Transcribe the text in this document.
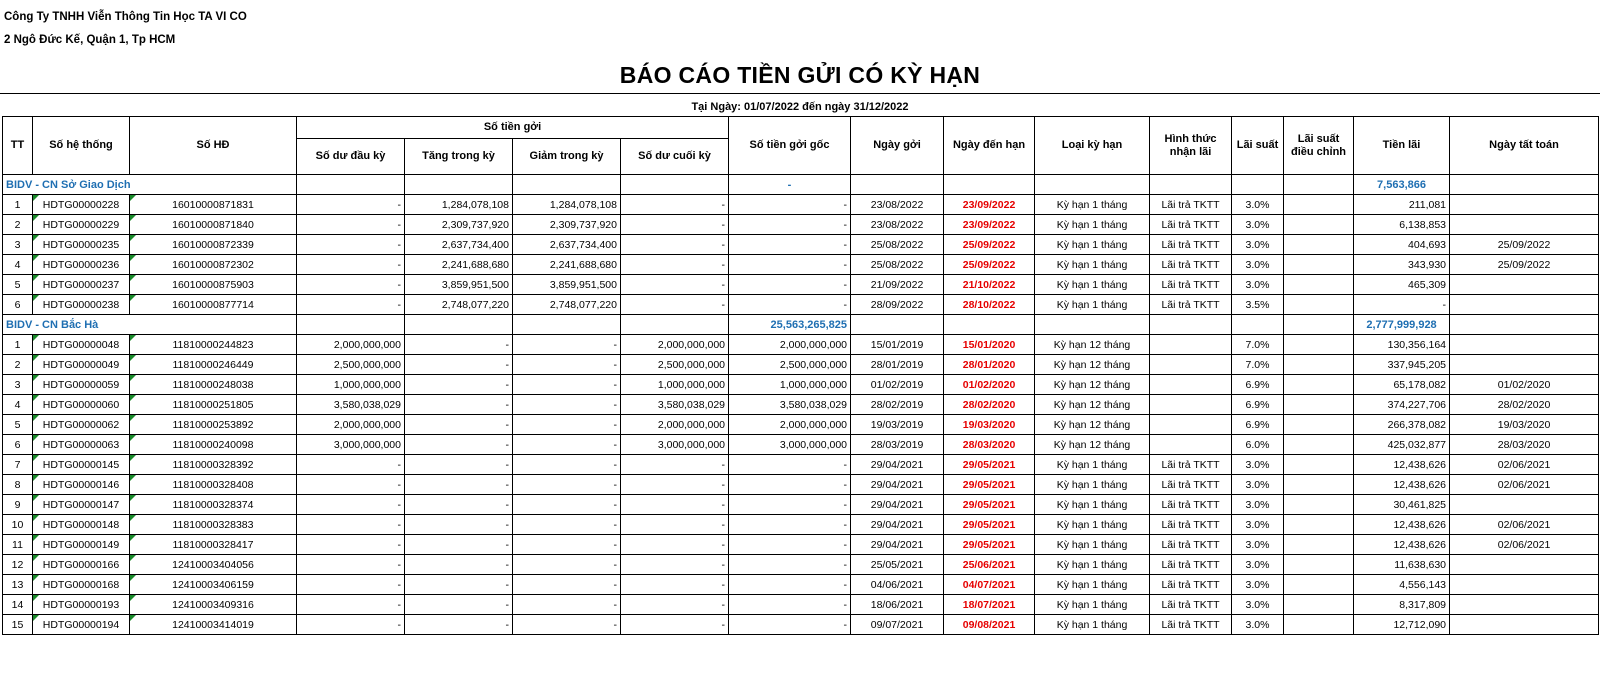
Công Ty TNHH Viễn Thông Tin Học TA VI CO
2 Ngô Đức Kế, Quận 1, Tp HCM
BÁO CÁO TIỀN GỬI CÓ KỲ HẠN
Tại Ngày: 01/07/2022 đến ngày 31/12/2022
TT	Số hệ thống	Số HĐ	Số tiền gởi				Số tiền gởi gốc	Ngày gởi	Ngày đến hạn	Loại kỳ hạn	Hình thức nhận lãi	Lãi suất	Lãi suất điều chỉnh	Tiền lãi	Ngày tất toán
			Số dư đầu kỳ	Tăng trong kỳ	Giảm trong kỳ	Số dư cuối kỳ									
BIDV - CN Sở Giao Dịch							-							7,563,866	
1	HDTG00000228	16010000871831	-	1,284,078,108	1,284,078,108	-	-	23/08/2022	23/09/2022	Kỳ hạn 1 tháng	Lãi trả TKTT	3.0%		211,081	
2	HDTG00000229	16010000871840	-	2,309,737,920	2,309,737,920	-	-	23/08/2022	23/09/2022	Kỳ hạn 1 tháng	Lãi trả TKTT	3.0%		6,138,853	
3	HDTG00000235	16010000872339	-	2,637,734,400	2,637,734,400	-	-	25/08/2022	25/09/2022	Kỳ hạn 1 tháng	Lãi trả TKTT	3.0%		404,693	25/09/2022
4	HDTG00000236	16010000872302	-	2,241,688,680	2,241,688,680	-	-	25/08/2022	25/09/2022	Kỳ hạn 1 tháng	Lãi trả TKTT	3.0%		343,930	25/09/2022
5	HDTG00000237	16010000875903	-	3,859,951,500	3,859,951,500	-	-	21/09/2022	21/10/2022	Kỳ hạn 1 tháng	Lãi trả TKTT	3.0%		465,309	
6	HDTG00000238	16010000877714	-	2,748,077,220	2,748,077,220	-	-	28/09/2022	28/10/2022	Kỳ hạn 1 tháng	Lãi trả TKTT	3.5%		-	
BIDV - CN Bắc Hà							25,563,265,825							2,777,999,928	
1	HDTG00000048	11810000244823	2,000,000,000	-	-	2,000,000,000	2,000,000,000	15/01/2019	15/01/2020	Kỳ hạn 12 tháng		7.0%		130,356,164	
2	HDTG00000049	11810000246449	2,500,000,000	-	-	2,500,000,000	2,500,000,000	28/01/2019	28/01/2020	Kỳ hạn 12 tháng		7.0%		337,945,205	
3	HDTG00000059	11810000248038	1,000,000,000	-	-	1,000,000,000	1,000,000,000	01/02/2019	01/02/2020	Kỳ hạn 12 tháng		6.9%		65,178,082	01/02/2020
4	HDTG00000060	11810000251805	3,580,038,029	-	-	3,580,038,029	3,580,038,029	28/02/2019	28/02/2020	Kỳ hạn 12 tháng		6.9%		374,227,706	28/02/2020
5	HDTG00000062	11810000253892	2,000,000,000	-	-	2,000,000,000	2,000,000,000	19/03/2019	19/03/2020	Kỳ hạn 12 tháng		6.9%		266,378,082	19/03/2020
6	HDTG00000063	11810000240098	3,000,000,000	-	-	3,000,000,000	3,000,000,000	28/03/2019	28/03/2020	Kỳ hạn 12 tháng		6.0%		425,032,877	28/03/2020
7	HDTG00000145	11810000328392	-	-	-	-	-	29/04/2021	29/05/2021	Kỳ hạn 1 tháng	Lãi trả TKTT	3.0%		12,438,626	02/06/2021
8	HDTG00000146	11810000328408	-	-	-	-	-	29/04/2021	29/05/2021	Kỳ hạn 1 tháng	Lãi trả TKTT	3.0%		12,438,626	02/06/2021
9	HDTG00000147	11810000328374	-	-	-	-	-	29/04/2021	29/05/2021	Kỳ hạn 1 tháng	Lãi trả TKTT	3.0%		30,461,825	
10	HDTG00000148	11810000328383	-	-	-	-	-	29/04/2021	29/05/2021	Kỳ hạn 1 tháng	Lãi trả TKTT	3.0%		12,438,626	02/06/2021
11	HDTG00000149	11810000328417	-	-	-	-	-	29/04/2021	29/05/2021	Kỳ hạn 1 tháng	Lãi trả TKTT	3.0%		12,438,626	02/06/2021
12	HDTG00000166	12410003404056	-	-	-	-	-	25/05/2021	25/06/2021	Kỳ hạn 1 tháng	Lãi trả TKTT	3.0%		11,638,630	
13	HDTG00000168	12410003406159	-	-	-	-	-	04/06/2021	04/07/2021	Kỳ hạn 1 tháng	Lãi trả TKTT	3.0%		4,556,143	
14	HDTG00000193	12410003409316	-	-	-	-	-	18/06/2021	18/07/2021	Kỳ hạn 1 tháng	Lãi trả TKTT	3.0%		8,317,809	
15	HDTG00000194	12410003414019	-	-	-	-	-	09/07/2021	09/08/2021	Kỳ hạn 1 tháng	Lãi trả TKTT	3.0%		12,712,090	
